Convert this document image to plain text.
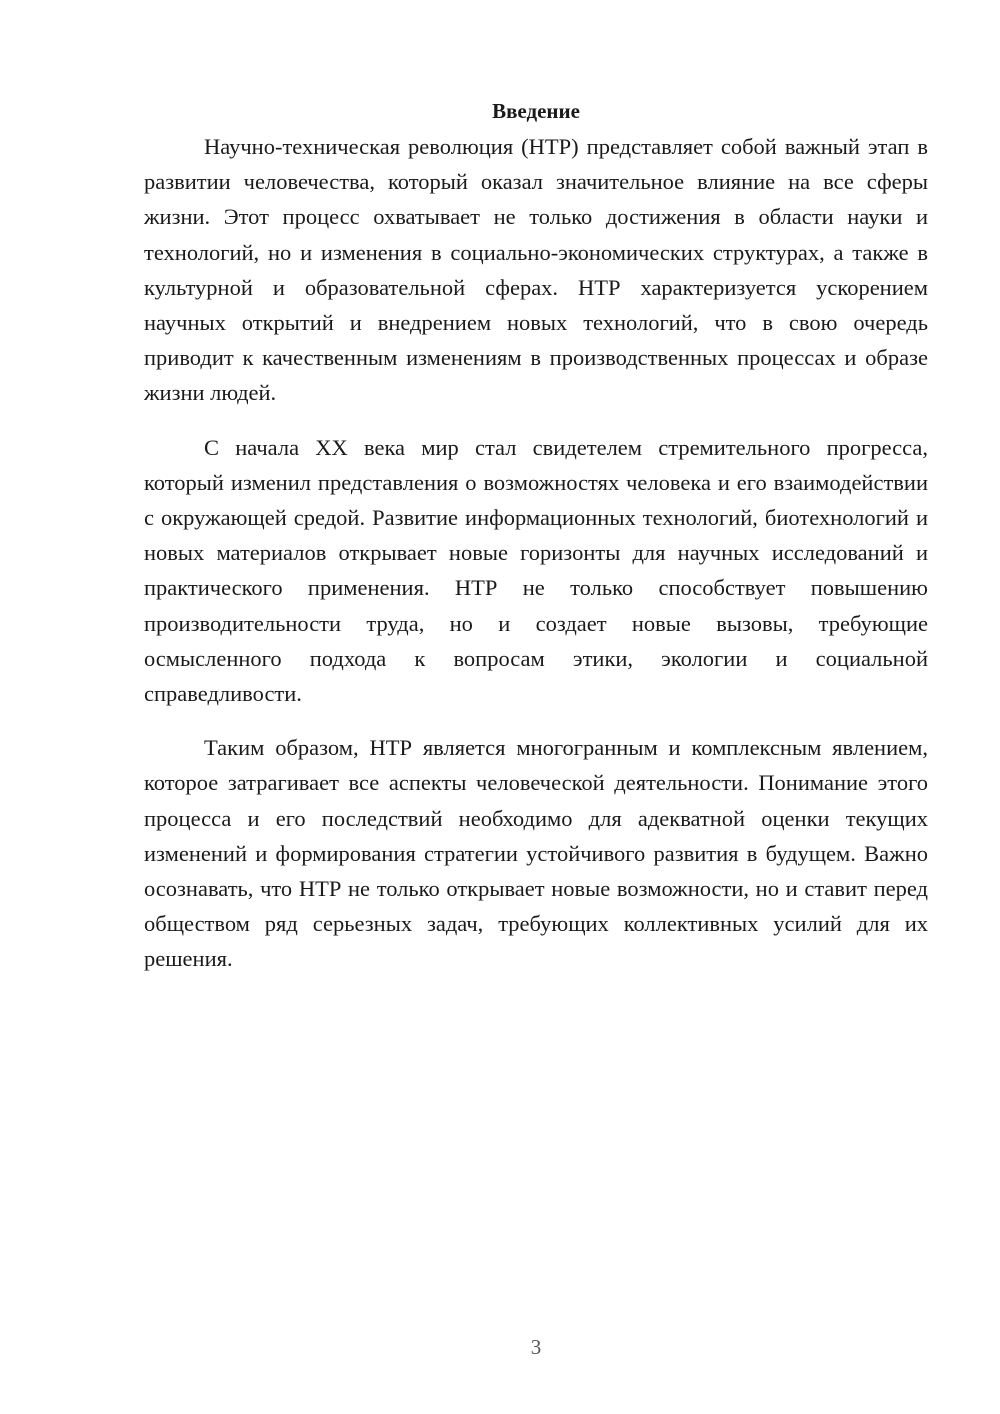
Введение

Научно-техническая революция (НТР) представляет собой важный этап в развитии человечества, который оказал значительное влияние на все сферы жизни. Этот процесс охватывает не только достижения в области науки и технологий, но и изменения в социально-экономических структурах, а также в культурной и образовательной сферах. НТР характеризуется ускорением научных открытий и внедрением новых технологий, что в свою очередь приводит к качественным изменениям в производственных процессах и образе жизни людей.

С начала XX века мир стал свидетелем стремительного прогресса, который изменил представления о возможностях человека и его взаимодействии с окружающей средой. Развитие информационных технологий, биотехнологий и новых материалов открывает новые горизонты для научных исследований и практического применения. НТР не только способствует повышению производительности труда, но и создает новые вызовы, требующие осмысленного подхода к вопросам этики, экологии и социальной справедливости.

Таким образом, НТР является многогранным и комплексным явлением, которое затрагивает все аспекты человеческой деятельности. Понимание этого процесса и его последствий необходимо для адекватной оценки текущих изменений и формирования стратегии устойчивого развития в будущем. Важно осознавать, что НТР не только открывает новые возможности, но и ставит перед обществом ряд серьезных задач, требующих коллективных усилий для их решения.

3
